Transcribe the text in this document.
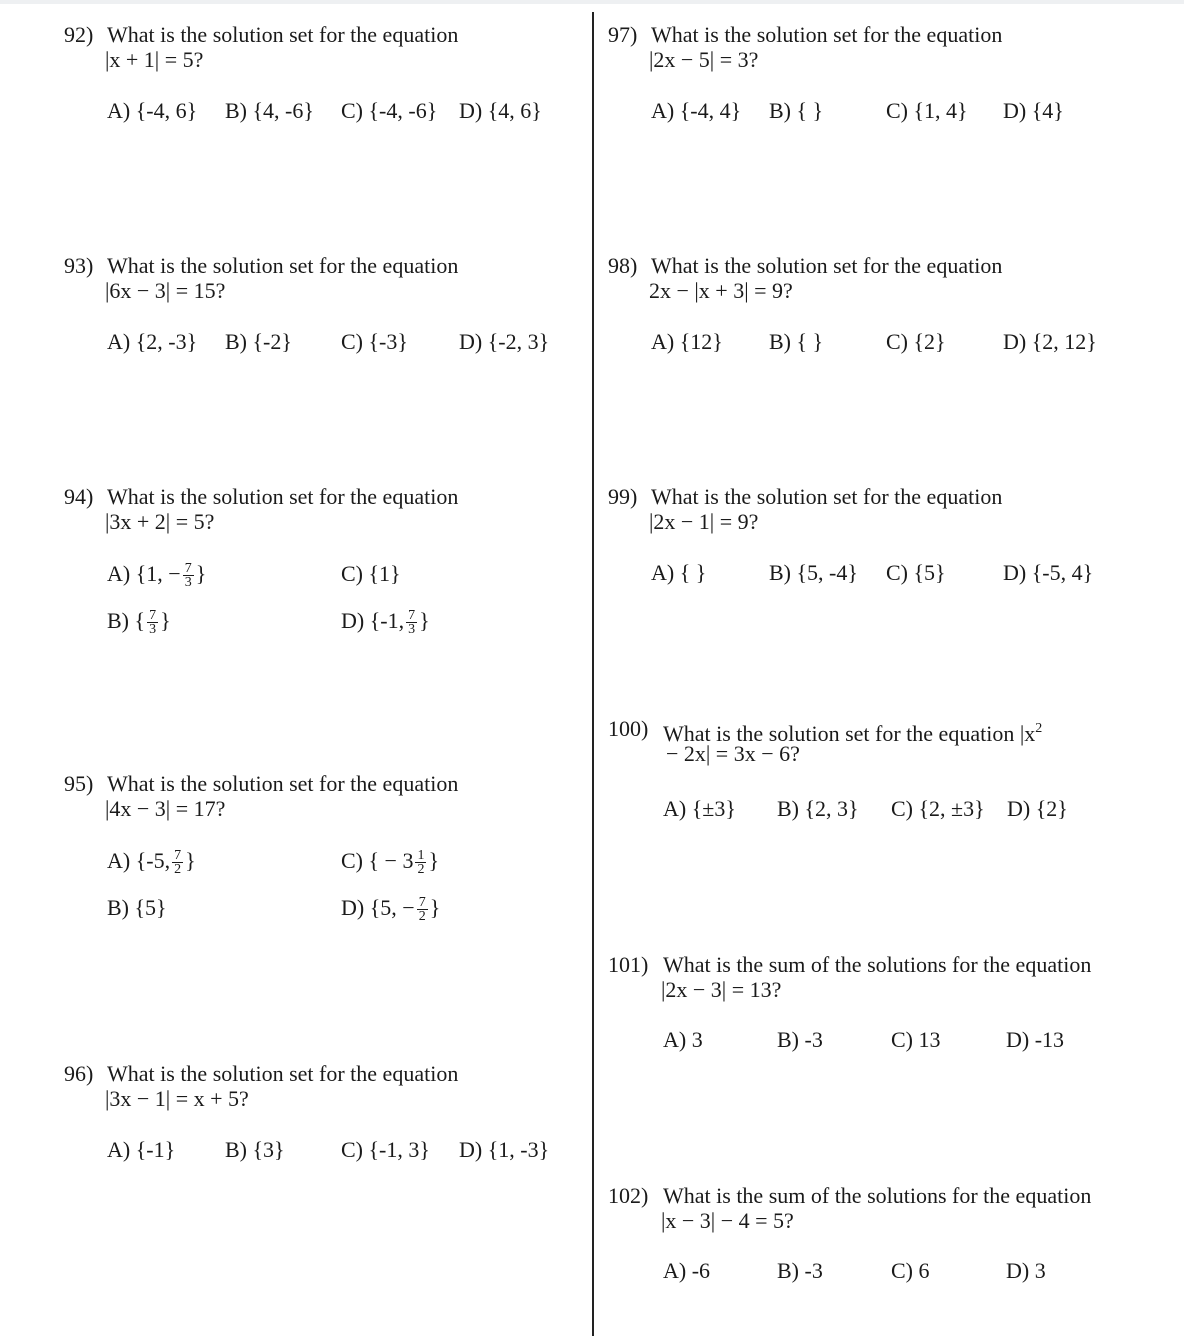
92) What is the solution set for the equation
|x + 1| = 5?
A) {-4, 6} B) {4, -6} C) {-4, -6} D) {4, 6}
93) What is the solution set for the equation
|6x − 3| = 15?
A) {2, -3} B) {-2} C) {-3} D) {-2, 3}
94) What is the solution set for the equation
|3x + 2| = 5?
A) {1, − $\frac{7}{3}$ }	C) {1}
B) { $\frac{7}{3}$ }	D) {-1, $\frac{7}{3}$ }
95) What is the solution set for the equation
|4x − 3| = 17?
A) {-5, $\frac{7}{2}$ }	C) { − $3 \frac{1}{2}$ }
B) {5}	D) {5, − $\frac{7}{2}$ }
96) What is the solution set for the equation
|3x − 1| = x + 5?
A) {-1} B) {3}	C) {-1, 3} D) {1, -3}
97) What is the solution set for the equation
|2x − 5| = 3?
A) {-4, 4} B) { }	C) {1, 4} D) {4}
98) What is the solution set for the equation
2x − |x + 3| = 9?
A) {12} B) { }	C) {2}	D) {2, 12}
99) What is the solution set for the equation
|2x − 1| = 9?
A) { }	B) {5, -4} C) {5}	D) {-5, 4}
100) What is the solution set for the equation $|x^2$
− 2x| = 3x − 6?
A) {±3} B) {2, 3} C) {2, ±3} D) {2}
101) What is the sum of the solutions for the equation
|2x − 3| = 13?
A) 3	B) -3	C) 13	D) -13
102) What is the sum of the solutions for the equation
|x − 3| − 4 = 5?
A) -6	B) -3	C) 6	D) 3
